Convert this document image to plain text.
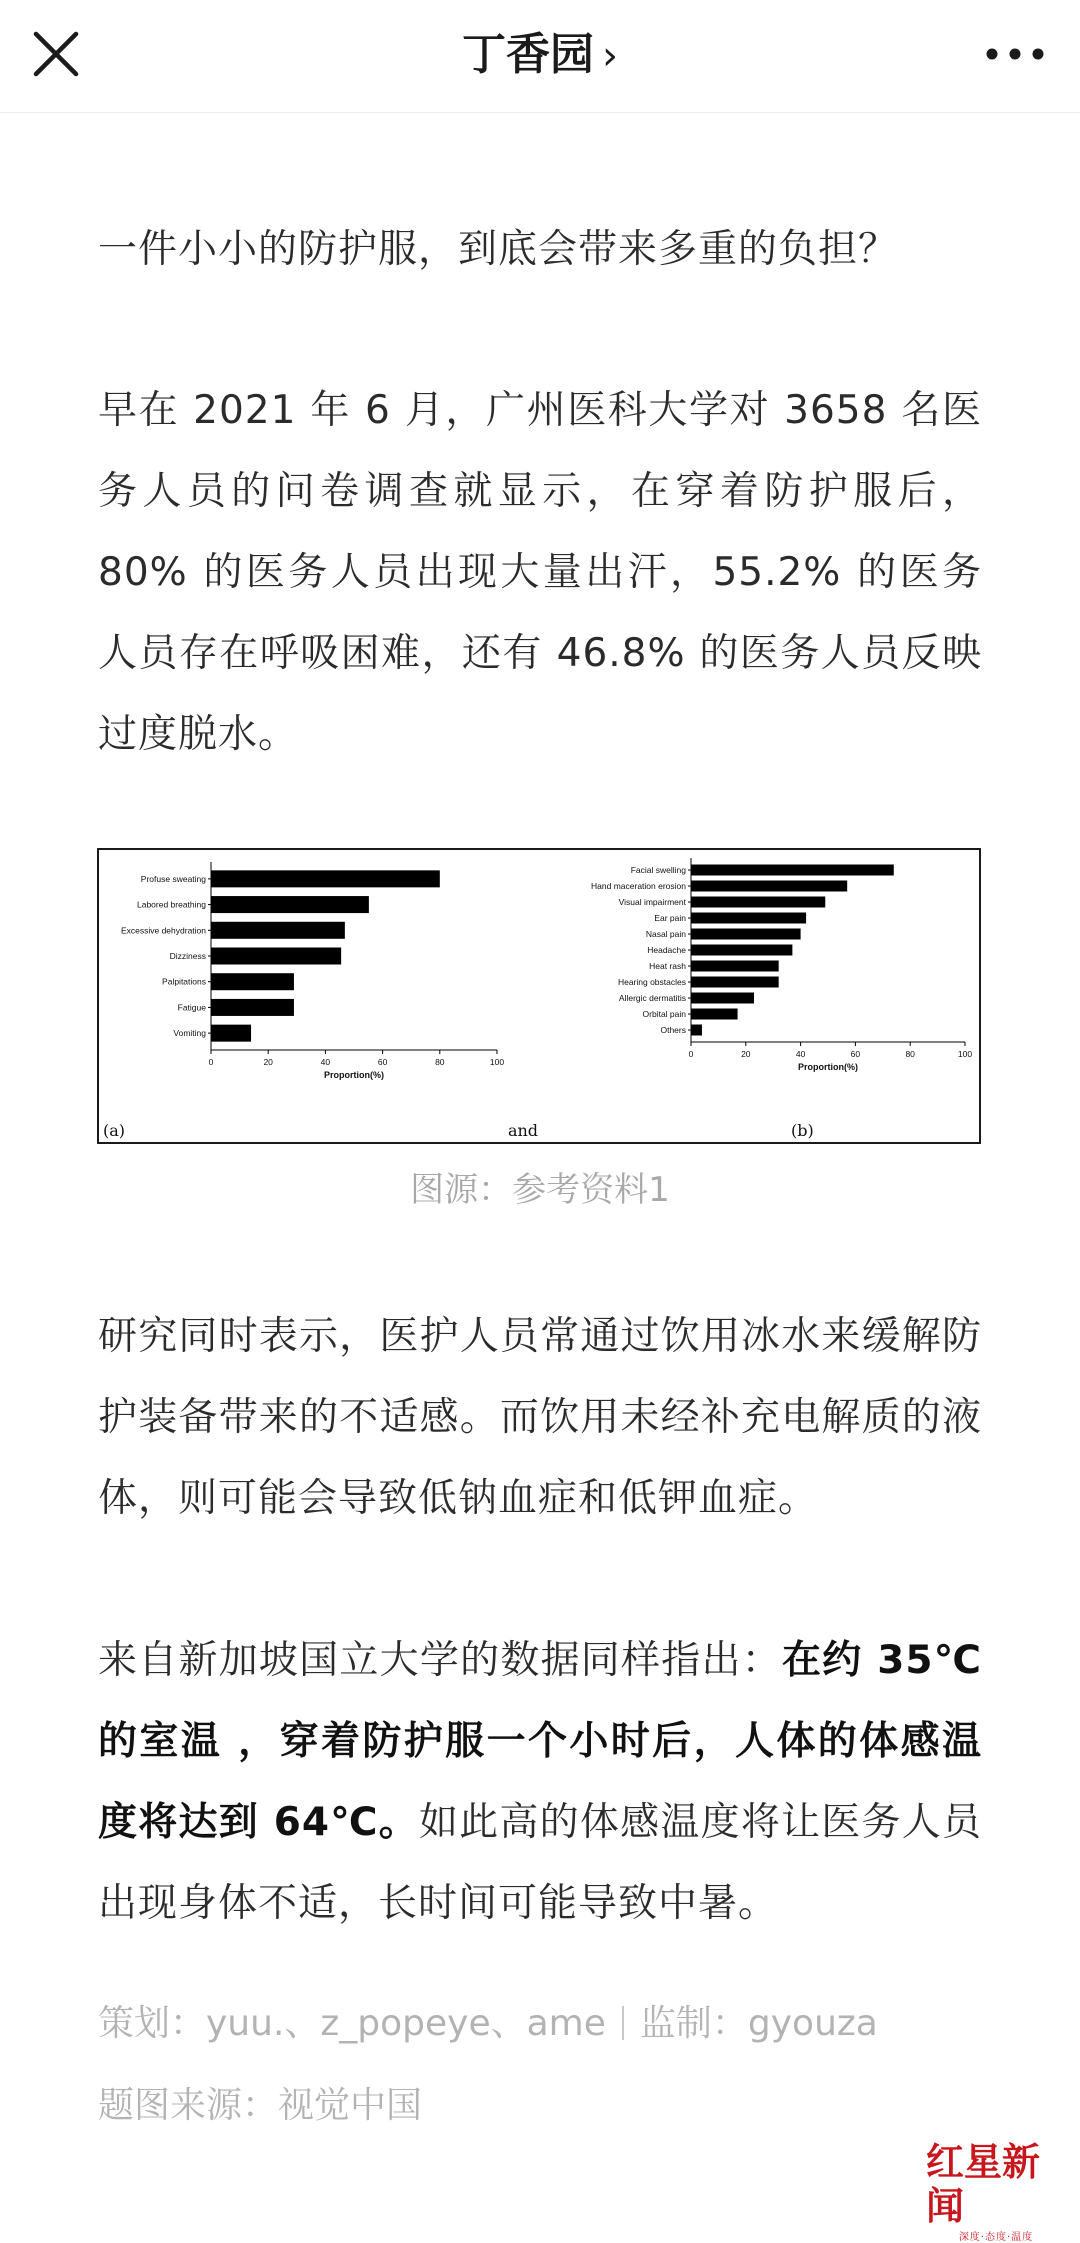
丁香园 ›

一件小小的防护服，到底会带来多重的负担？

早在 2021 年 6 月，广州医科大学对 3658 名医务人员的问卷调查就显示，在穿着防护服后，80% 的医务人员出现大量出汗，55.2% 的医务人员存在呼吸困难，还有 46.8% 的医务人员反映过度脱水。

研究同时表示，医护人员常通过饮用冰水来缓解防护装备带来的不适感。而饮用未经补充电解质的液体，则可能会导致低钠血症和低钾血症。

来自新加坡国立大学的数据同样指出：在约 35℃ 的室温 ，穿着防护服一个小时后，人体的体感温度将达到 64℃。如此高的体感温度将让医务人员出现身体不适，长时间可能导致中暑。

Profuse sweating
Labored breathing
Excessive dehydration
Dizziness
Palpitations
Fatigue
Vomiting
0	20	40	60	80	100
Proportion(%)
Facial swelling
Hand maceration erosion
Visual impairment
Ear pain
Nasal pain
Headache
Heat rash
Hearing obstacles
Allergic dermatitis
Orbital pain
Others
0	20	40	60	80	100
Proportion(%)
(a)	and	(b)
图源：参考资料1

策划：yuu.、z_popeye、ame 监制：gyouza

题图来源：视觉中国

红星新闻
深度·态度·温度
